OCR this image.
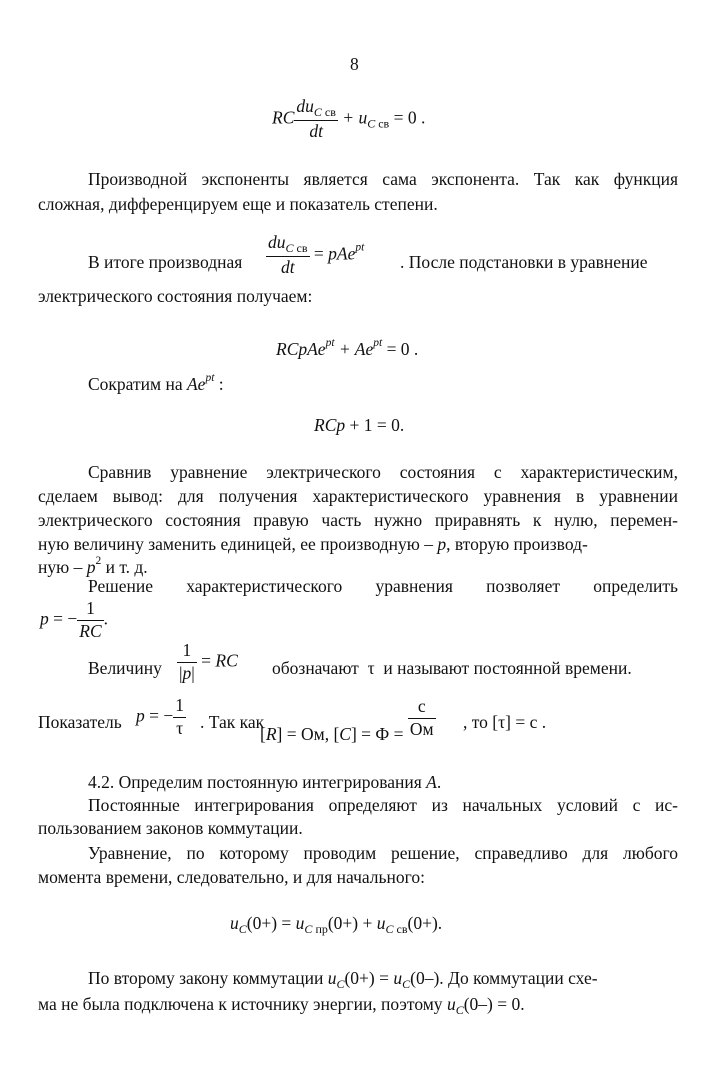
8
RC $\frac{du_{C св}}{dt} + u_{C св} = 0$ .
Производной экспоненты является сама экспонента. Так как функция
сложная, дифференцируем еще и показатель степени.
В итоге производная $\frac{du_{C св}}{dt} = pAe^{pt}$
. После подстановки в уравнение
электрического состояния получаем:
RCpAe$^{pt}$ + $Ae^{pt} = 0$ .
Сократим на $Ae^{pt}$ :
RCp + 1 = 0.
Сравнив уравнение электрического состояния с характеристическим,
сделаем вывод: для получения характеристического уравнения в уравнении
электрического состояния правую часть нужно приравнять к нулю, перемен-
ную величину заменить единицей, ее производную – p, вторую производ-
ную – $p^2$ и т. д.
Решение характеристического уравнения позволяет определить
p = − $\frac{1}{RC}$ .
Величину $\frac{1}{|p|}$ = RC обозначают  τ  и называют постоянной времени.
Показатель p = − $\frac{1}{\tau}$ . Так как
[R] = Ом, $[C] = Ф = \frac{с}{Ом}$ , то [τ] = с .
4.2. Определим постоянную интегрирования A.
Постоянные интегрирования определяют из начальных условий с ис-
пользованием законов коммутации.
Уравнение, по которому проводим решение, справедливо для любого
момента времени, следовательно, и для начального:
$u_C(0+) = u_{C пр}(0+) + u_{C св}(0+)$.
По второму закону коммутации $u_C(0+) = u_C(0-)$. До коммутации схе-
ма не была подключена к источнику энергии, поэтому $u_C(0-) = 0$.
